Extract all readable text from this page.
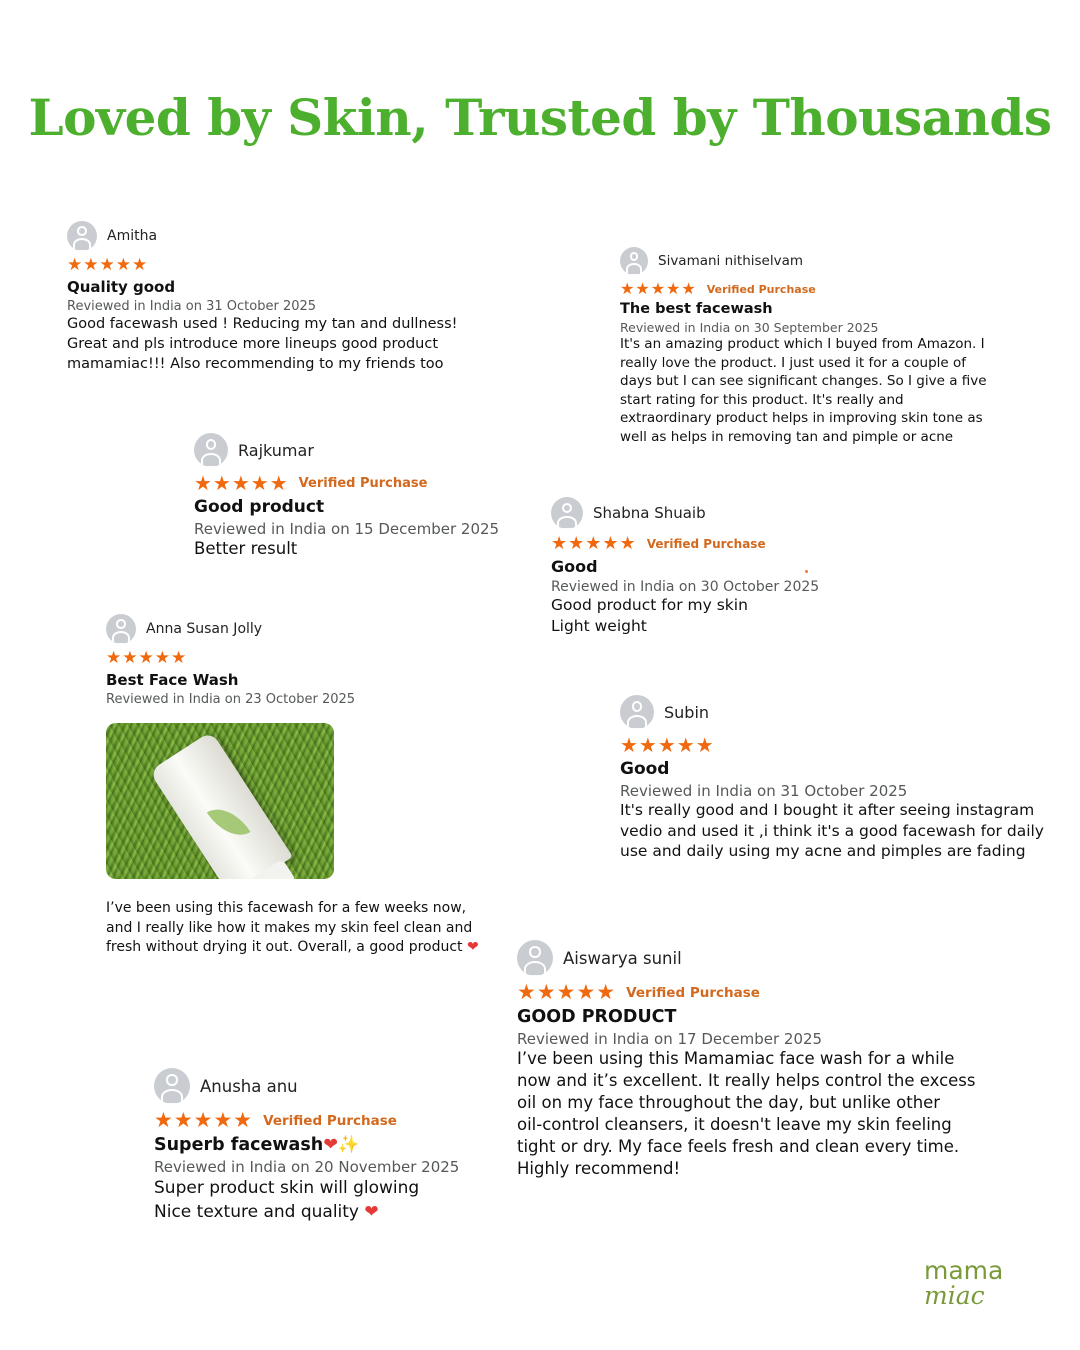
Loved by Skin, Trusted by Thousands
Amitha
★★★★★
Quality good
Reviewed in India on 31 October 2025
Good facewash used ! Reducing my tan and dullness!
Great and pls introduce more lineups good product
mamamiac!!! Also recommending to my friends too
Sivamani nithiselvam
★★★★★ Verified Purchase
The best facewash
Reviewed in India on 30 September 2025
It's an amazing product which I buyed from Amazon. I
really love the product. I just used it for a couple of
days but I can see significant changes. So I give a five
start rating for this product. It's really and
extraordinary product helps in improving skin tone as
well as helps in removing tan and pimple or acne
Rajkumar
★★★★★ Verified Purchase
Good product
Reviewed in India on 15 December 2025
Better result
Shabna Shuaib
★★★★★ Verified Purchase
Good
Reviewed in India on 30 October 2025
Good product for my skin
Light weight
Anna Susan Jolly
★★★★★
Best Face Wash
Reviewed in India on 23 October 2025
I’ve been using this facewash for a few weeks now,
and I really like how it makes my skin feel clean and
fresh without drying it out. Overall, a good product ❤
Subin
★★★★★
Good
Reviewed in India on 31 October 2025
It's really good and I bought it after seeing instagram
vedio and used it ,i think it's a good facewash for daily
use and daily using my acne and pimples are fading
Aiswarya sunil
★★★★★ Verified Purchase
GOOD PRODUCT
Reviewed in India on 17 December 2025
I’ve been using this Mamamiac face wash for a while
now and it’s excellent. It really helps control the excess
oil on my face throughout the day, but unlike other
oil-control cleansers, it doesn't leave my skin feeling
tight or dry. My face feels fresh and clean every time.
Highly recommend!
Anusha anu
★★★★★ Verified Purchase
Superb facewash❤✨
Reviewed in India on 20 November 2025
Super product skin will glowing
Nice texture and quality ❤
mama
miac
